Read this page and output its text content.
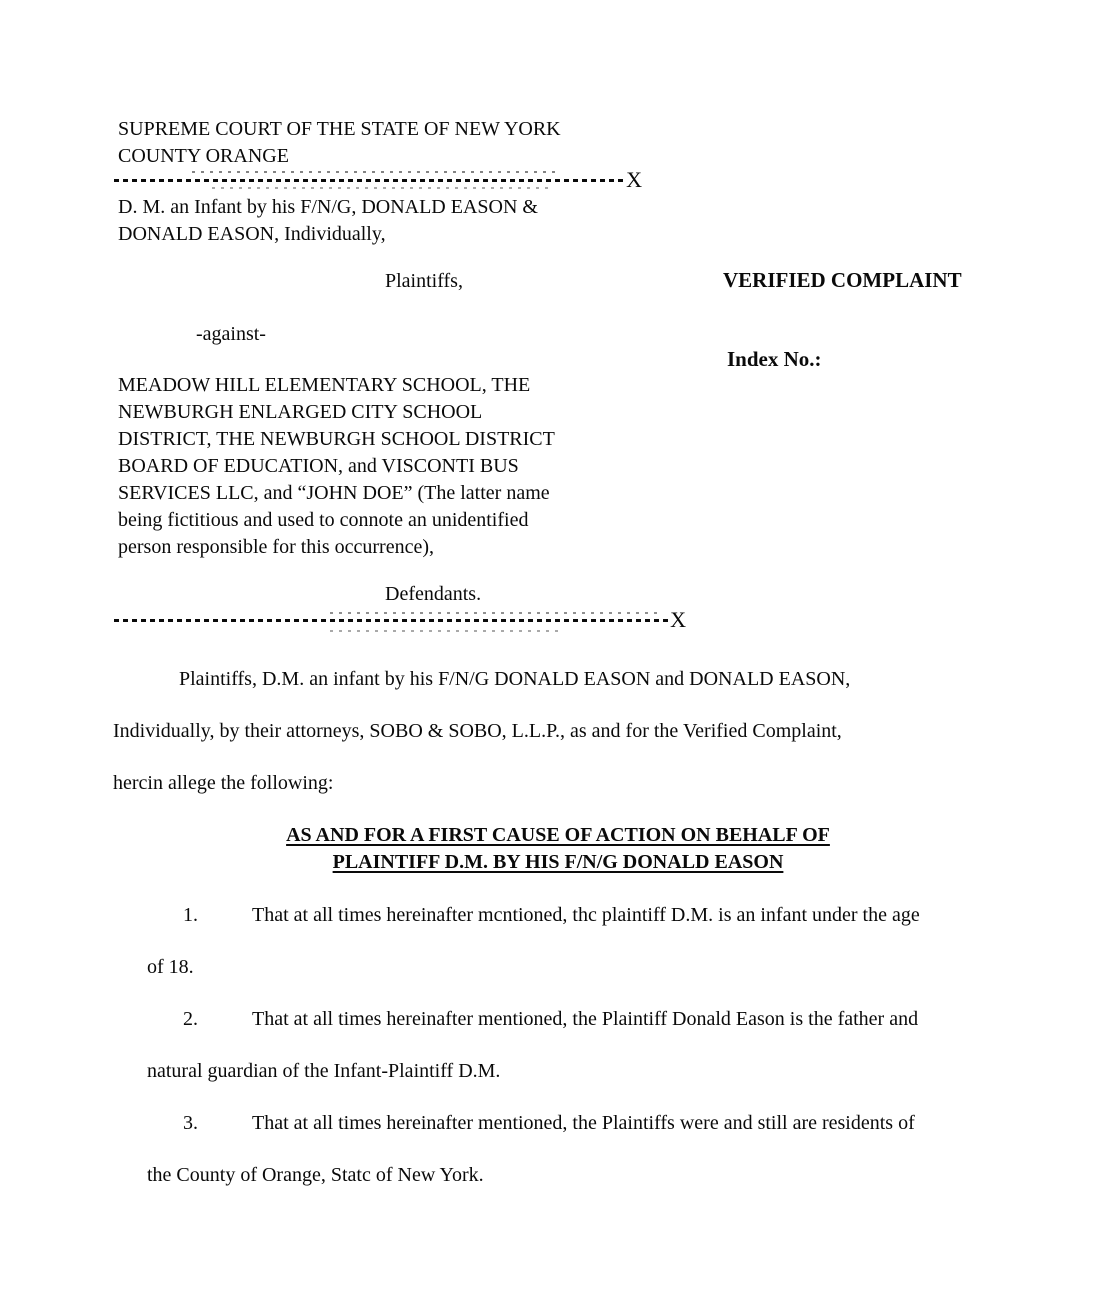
SUPREME COURT OF THE STATE OF NEW YORK
COUNTY ORANGE
X
D. M. an Infant by his F/N/G, DONALD EASON &
DONALD EASON, Individually,
Plaintiffs,	VERIFIED COMPLAINT
-against-
Index No.:
MEADOW HILL ELEMENTARY SCHOOL, THE
NEWBURGH ENLARGED CITY SCHOOL
DISTRICT, THE NEWBURGH SCHOOL DISTRICT
BOARD OF EDUCATION, and VISCONTI BUS
SERVICES LLC, and “JOHN DOE” (The latter name
being fictitious and used to connote an unidentified
person responsible for this occurrence),
Defendants.
X
Plaintiffs, D.M. an infant by his F/N/G DONALD EASON and DONALD EASON,
Individually, by their attorneys, SOBO & SOBO, L.L.P., as and for the Verified Complaint,
hercin allege the following:
AS AND FOR A FIRST CAUSE OF ACTION ON BEHALF OF
PLAINTIFF D.M. BY HIS F/N/G DONALD EASON
1.	That at all times hereinafter mcntioned, thc plaintiff D.M. is an infant under the age
of 18.
2.	That at all times hereinafter mentioned, the Plaintiff Donald Eason is the father and
natural guardian of the Infant-Plaintiff D.M.
3.	That at all times hereinafter mentioned, the Plaintiffs were and still are residents of
the County of Orange, Statc of New York.
